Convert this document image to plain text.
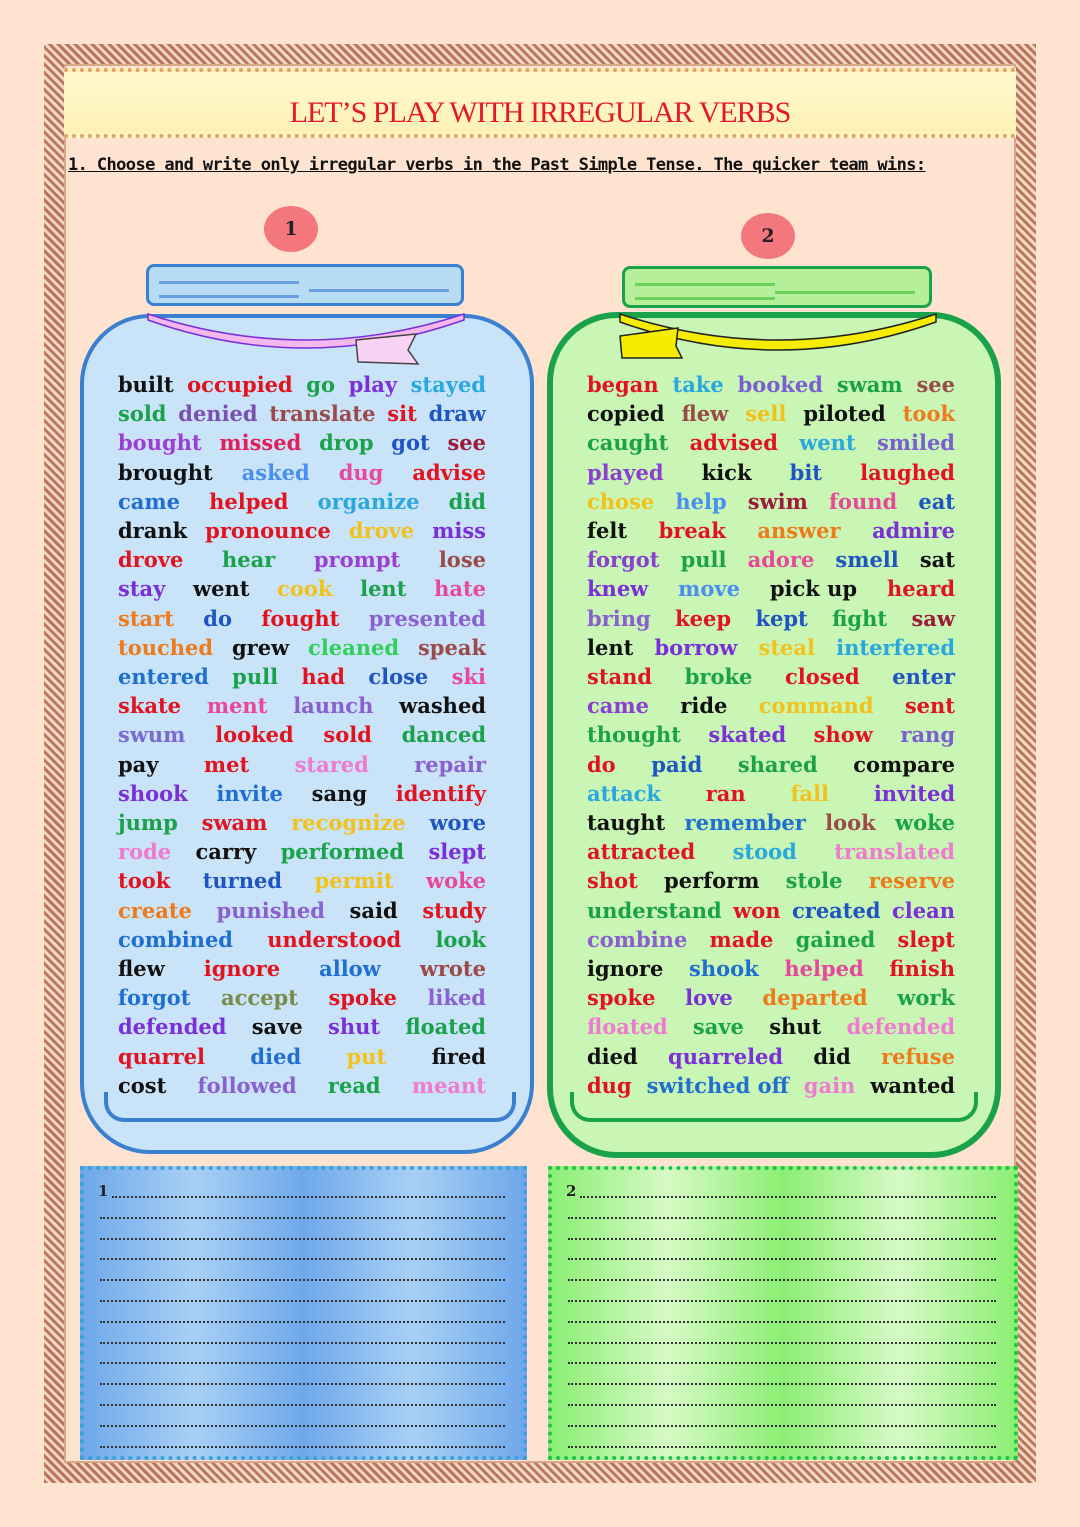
LET’S PLAY WITH IRREGULAR VERBS
1. Choose and write only irregular verbs in the Past Simple Tense. The quicker team wins:
1
built occupied go play stayed
sold denied translate sit draw
bought missed drop got see
brought asked dug advise
came helped organize did
drank pronounce drove miss
drove hear prompt lose
stay went cook lent hate
start do fought presented
touched grew cleaned speak
entered pull had close ski
skate ment launch washed
swum looked sold danced
pay met stared repair
shook invite sang identify
jump swam recognize wore
rode carry performed slept
took turned permit woke
create punished said study
combined understood look
flew ignore allow wrote
forgot accept spoke liked
defended save shut floated
quarrel died put fired
cost followed read meant
2
began take booked swam see
copied flew sell piloted took
caught advised went smiled
played kick bit laughed
chose help swim found eat
felt break answer admire
forgot pull adore smell sat
knew move pick up heard
bring keep kept fight saw
lent borrow steal interfered
stand broke closed enter
came ride command sent
thought skated show rang
do paid shared compare
attack ran fall invited
taught remember look woke
attracted stood translated
shot perform stole reserve
understand won created clean
combine made gained slept
ignore shook helped finish
spoke love departed work
floated save shut defended
died quarreled did refuse
dug switched off gain wanted
1	2
